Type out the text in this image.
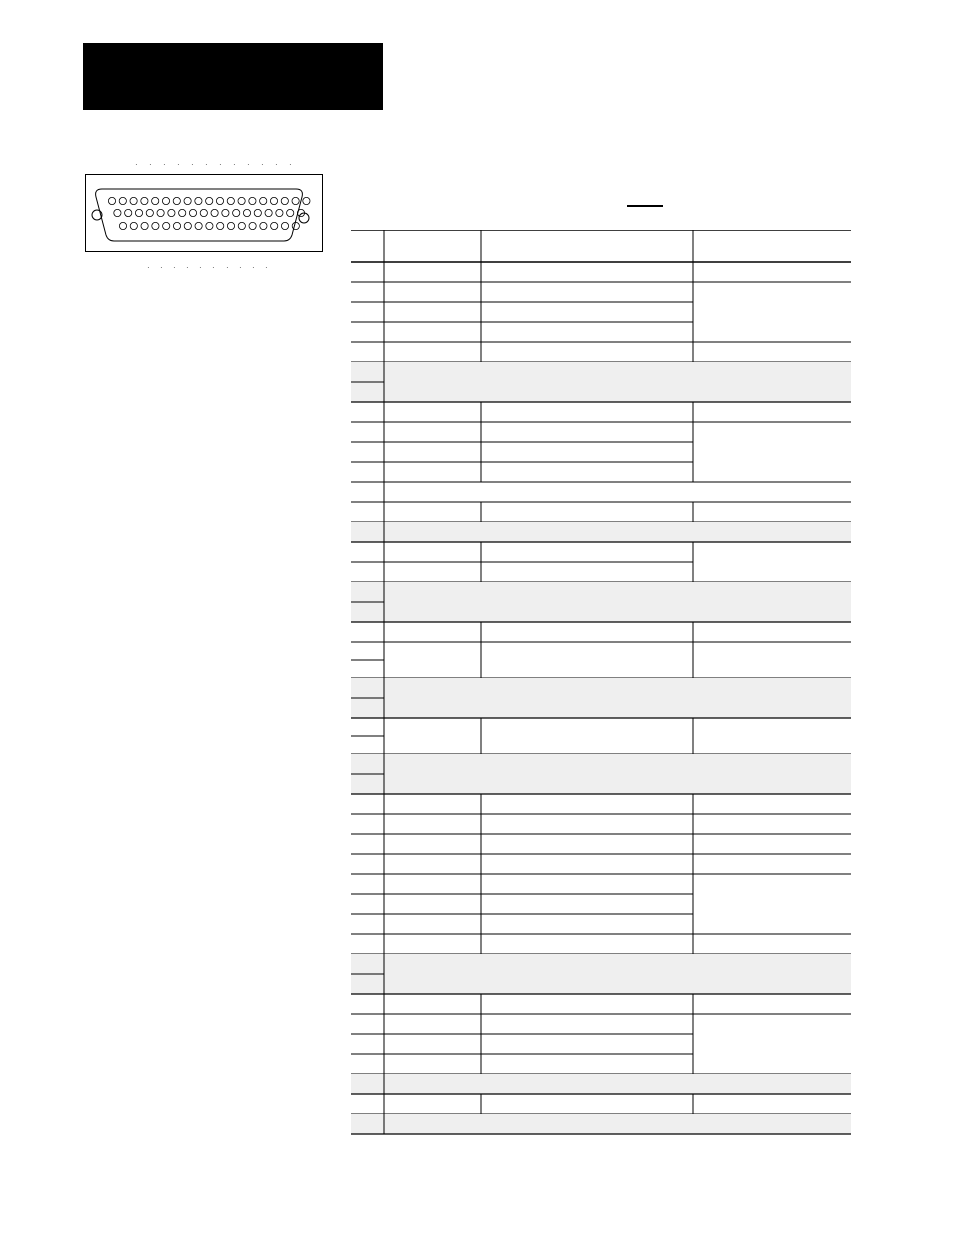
· · · · · · · · · · · ·
· · · · · · · · · ·
